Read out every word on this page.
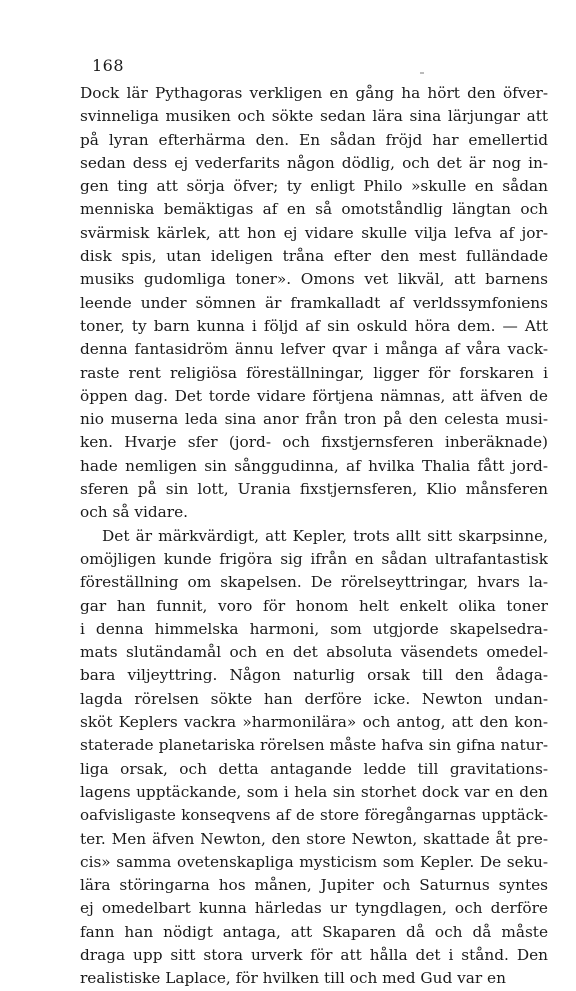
168
Dock lär Pythagoras verkligen en gång ha hört den öfver-
svinneliga musiken och sökte sedan lära sina lärjungar att
på lyran efterhärma den. En sådan fröjd har emellertid
sedan dess ej vederfarits någon dödlig, och det är nog in-
gen ting att sörja öfver; ty enligt Philo »skulle en sådan
menniska bemäktigas af en så omotståndlig längtan och
svärmisk kärlek, att hon ej vidare skulle vilja lefva af jor-
disk spis, utan ideligen tråna efter den mest fulländade
musiks gudomliga toner». Omons vet likväl, att barnens
leende under sömnen är framkalladt af verldssymfoniens
toner, ty barn kunna i följd af sin oskuld höra dem. — Att
denna fantasidröm ännu lefver qvar i många af våra vack-
raste rent religiösa föreställningar, ligger för forskaren i
öppen dag. Det torde vidare förtjena nämnas, att äfven de
nio muserna leda sina anor från tron på den celesta musi-
ken. Hvarje sfer (jord- och fixstjernsferen inberäknade)
hade nemligen sin sånggudinna, af hvilka Thalia fått jord-
sferen på sin lott, Urania fixstjernsferen, Klio månsferen
och så vidare.
Det är märkvärdigt, att Kepler, trots allt sitt skarpsinne,
omöjligen kunde frigöra sig ifrån en sådan ultrafantastisk
föreställning om skapelsen. De rörelseyttringar, hvars la-
gar han funnit, voro för honom helt enkelt olika toner
i denna himmelska harmoni, som utgjorde skapelsedra-
mats slutändamål och en det absoluta väsendets omedel-
bara viljeyttring. Någon naturlig orsak till den ådaga-
lagda rörelsen sökte han derföre icke. Newton undan-
sköt Keplers vackra »harmonilära» och antog, att den kon-
staterade planetariska rörelsen måste hafva sin gifna natur-
liga orsak, och detta antagande ledde till gravitations-
lagens upptäckande, som i hela sin storhet dock var en den
oafvisligaste konseqvens af de store föregångarnas upptäck-
ter. Men äfven Newton, den store Newton, skattade åt pre-
cis» samma ovetenskapliga mysticism som Kepler. De seku-
lära störingarna hos månen, Jupiter och Saturnus syntes
ej omedelbart kunna härledas ur tyngdlagen, och derföre
fann han nödigt antaga, att Skaparen då och då måste
draga upp sitt stora urverk för att hålla det i stånd. Den
realistiske Laplace, för hvilken till och med Gud var en
